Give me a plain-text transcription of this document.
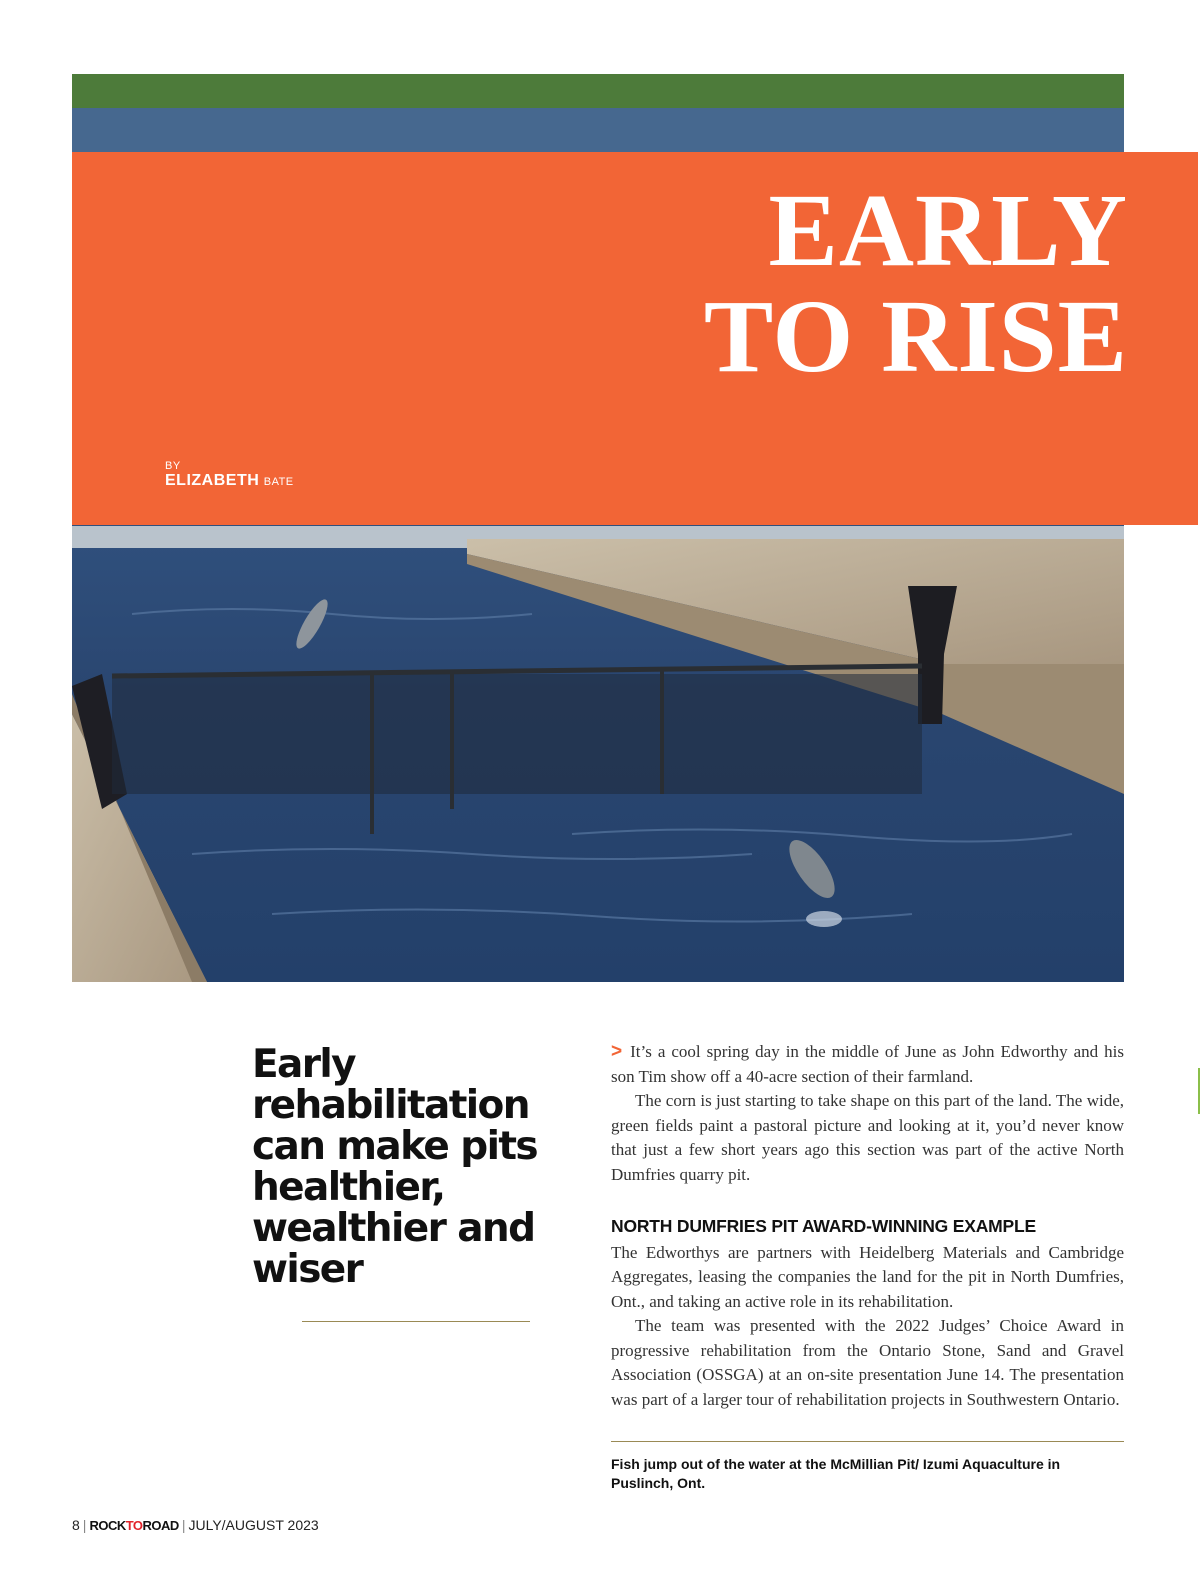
EARLY
TO RISE
BY
ELIZABETH BATE
Early rehabilitation can make pits healthier, wealthier and wiser

> It’s a cool spring day in the middle of June as John Edworthy and his son Tim show off a 40-acre section of their farmland.

The corn is just starting to take shape on this part of the land. The wide, green fields paint a pastoral picture and looking at it, you’d never know that just a few short years ago this section was part of the active North Dumfries quarry pit.

NORTH DUMFRIES PIT AWARD-WINNING EXAMPLE

The Edworthys are partners with Heidelberg Materials and Cambridge Aggregates, leasing the companies the land for the pit in North Dumfries, Ont., and taking an active role in its rehabilitation.

The team was presented with the 2022 Judges’ Choice Award in progressive rehabilitation from the Ontario Stone, Sand and Gravel Association (OSSGA) at an on-site presentation June 14. The presentation was part of a larger tour of rehabilitation projects in Southwestern Ontario.

Fish jump out of the water at the McMillian Pit/ Izumi Aquaculture in Puslinch, Ont.
8 | ROCKTOROAD | JULY/AUGUST 2023
